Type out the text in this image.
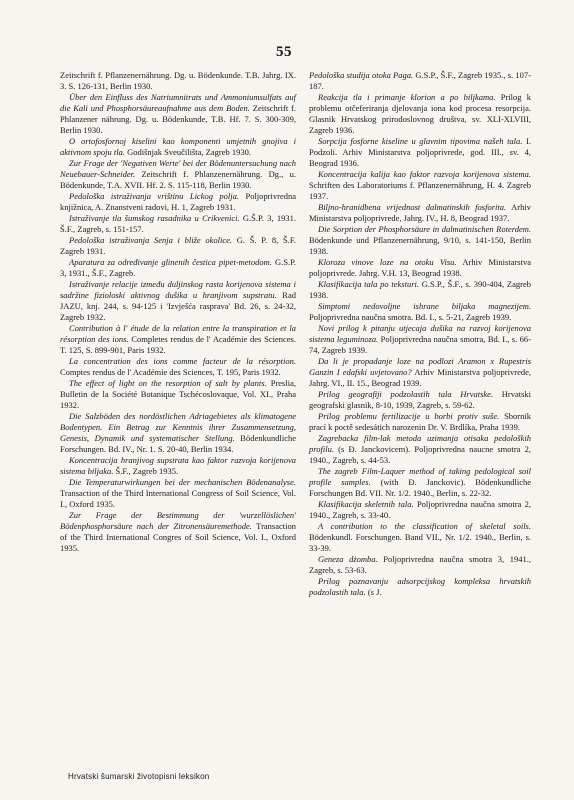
55

Zeitschrift f. Pflanzenernährung. Dg. u. Bödenkunde. T.B. Jahrg. IX. 3. S. 126-131, Berlin 1930.

Über den Einfluss des Natriumnitrats und Ammoniumsulfats auf die Kali und Phosphorsäureaufnahme aus dem Boden. Zeitschrift f. Phlanzener nährung. Dg. u. Bödenkunde, T.B. Hf. 7. S. 300-309, Berlin 1930.

O ortofosfornoj kiselini kao komponenti umjetnih gnojiva i aktivnom spoju tla. Godišnjak Sveučilišta, Zagreb 1930.

Zur Frage der 'Negativen Werte' bei der Bödenuntersuchung nach Neuebauer-Schneider. Zeitschrift f. Phlanzenernährung. Dg., u. Bödenkunde, T.A. XVII. Hf. 2. S. 115-118, Berlin 1930.

Pedološka istraživanja vrištinu Lickog polja. Poljoprivredna knjižnica, A. Znanstveni radovi, H. 1, Zagreb 1931.

Istraživanje tla šumskog rasadnika u Crikvenici. G.Š.P. 3, 1931. Š.F., Zagreb, s. 151-157.

Pedološka istraživanja Senja i bliže okolice. G. Š. P. 8, Š.F. Zagreb 1931.

Aparatura za određivanje glinenih čestica pipet-metodom. G.S.P. 3, 1931., Š.F., Zagreb.

Istraživanje relacije između duljinskog rasta korijenova sistema i sadržine fizioloski aktivnog dušika u hranjivom supstratu. Rad JAZU, knj. 244, s. 94-125 i 'Izvješća rasprava' Bd. 26, s. 24-32, Zagreb 1932.

Contribution à l' étude de la relation entre la transpiration et la résorption des ions. Completes rendus de l' Académie des Sciences. T. 125, S. 899-901, Paris 1932.

La concentration des ions comme facteur de la résorption. Comptes rendus de l' Académie des Sciences, T. 195, Paris 1932.

The effect of light on the resorption of salt by plants. Preslia, Bulletin de la Société Botanique Tschécoslovaque, Vol. XI., Praha 1932.

Die Salzböden des nordöstlichen Adriagebietes als klimatogene Bodentypen. Ein Betrag zur Kenntnis ihrer Zusammensetzung, Genesis, Dynamik und systematischer Stellung. Bödenkundliche Forschungen. Bd. IV., Nr. 1. S. 20-40, Berlin 1934.

Koncentracija hranjivog supstrata kao faktor razvoja korijenova sistema biljaka. Š.F., Zagreb 1935.

Die Temperaturwirkungen bei der mechanischen Bödenanalyse. Transaction of the Third International Congress of Soil Science, Vol. I., Oxford 1935.

Zur Frage der Bestimmung der 'wurzellöslichen' Bödenphosphorsäure nach der Zitronensäuremethode. Transaction of the Third International Congres of Soil Science, Vol. I., Oxford 1935.

Pedološka studija otoka Paga. G.S.P., Š.F., Zagreb 1935., s. 107-187.

Reakcija tla i primanje klorion a po biljkama. Prilog k problemu otčeferiranja djelovanja iona kod procesa resorpcija. Glasnik Hrvatskog prirodoslovnog društva, sv. XLI-XLVIII, Zagreb 1936.

Sorpcija fosforne kiseline u glavnim tipovima našeh tala. I. Podzoli. Arhiv Ministarstva poljoprivrede, god. III., sv. 4, Beograd 1936.

Koncentracija kalija kao faktor razvoja korijenova sistema. Schriften des Laboratoriums f. Pflanzenernährung, H. 4. Zagreb 1937.

Biljno-hranidbena vrijednost dalmatinskih fosforita. Arhiv Ministarstva poljoprivrede, Jahrg. IV., H. 8, Beograd 1937.

Die Sorption der Phosphorsäure in dalmatinischen Roterdem. Bödenkunde und Pflanzenernährung, 9/10, s. 141-150, Berlin 1938.

Kloroza vinove loze na otoku Visu. Arhiv Ministarstva poljoprivrede. Jahrg. V.H. 13, Beograd 1938.

Klasifikacija tala po teksturi. G.S.P., Š.F., s. 390-404, Zagreb 1938.

Simptomi nedovoljne ishrane biljaka magnezijem. Poljoprivredna naučna smotra. Bd. I., s. 5-21, Zagreb 1939.

Novi prilog k pitanju utjecaja dušika na razvoj korijenova sistema leguminoza. Poljoprivredna naučna smotra, Bd. I., s. 66-74, Zagreb 1939.

Da li je propadanje loze na podlozi Aramon x Rupestris Ganzin I edafski uvjetovano? Arhiv Ministarstva poljoprivrede, Jahrg. VI., II. 15., Beograd 1939.

Prilog geografiji podzolastih tala Hrvatske. Hrvatski geografski glasnik, 8-10, 1939, Zagreb, s. 59-62.

Prilog problemu fertilizacije u borbi protiv suše. Sbornik prací k poctě sedesátich narozenin Dr. V. Brdlíka, Praha 1939.

Zagrebacka film-lak metoda uzimanja otisaka pedoloških profilu. (s Đ. Janckovicem). Poljoprivredna naucne smotra 2, 1940., Zagreb, s. 44-53.

The zagreb Film-Laquer method of taking pedological soil profile samples. (with Đ. Janckovic). Bödenkundliche Forschungen Bd. VII. Nr. 1/2. 1940., Berlin, s. 22-32.

Klasifikacija skeletnih tala. Poljoprivredna naučna smotra 2, 1940., Zagreb, s. 33-40.

A contribution to the classification of skeletal soils. Bödenkundl. Forschungen. Band VII., Nr. 1/2. 1940., Berlin, s. 33-39.

Geneza dżomba. Poljoprivredna naučna smotra 3, 1941., Zagreb, s. 53-63.

Prilog poznavanju adsorpcijskog kompleksa hrvatskih podzolastih tala. (s J.

Hrvatski šumarski životopisni leksikon
